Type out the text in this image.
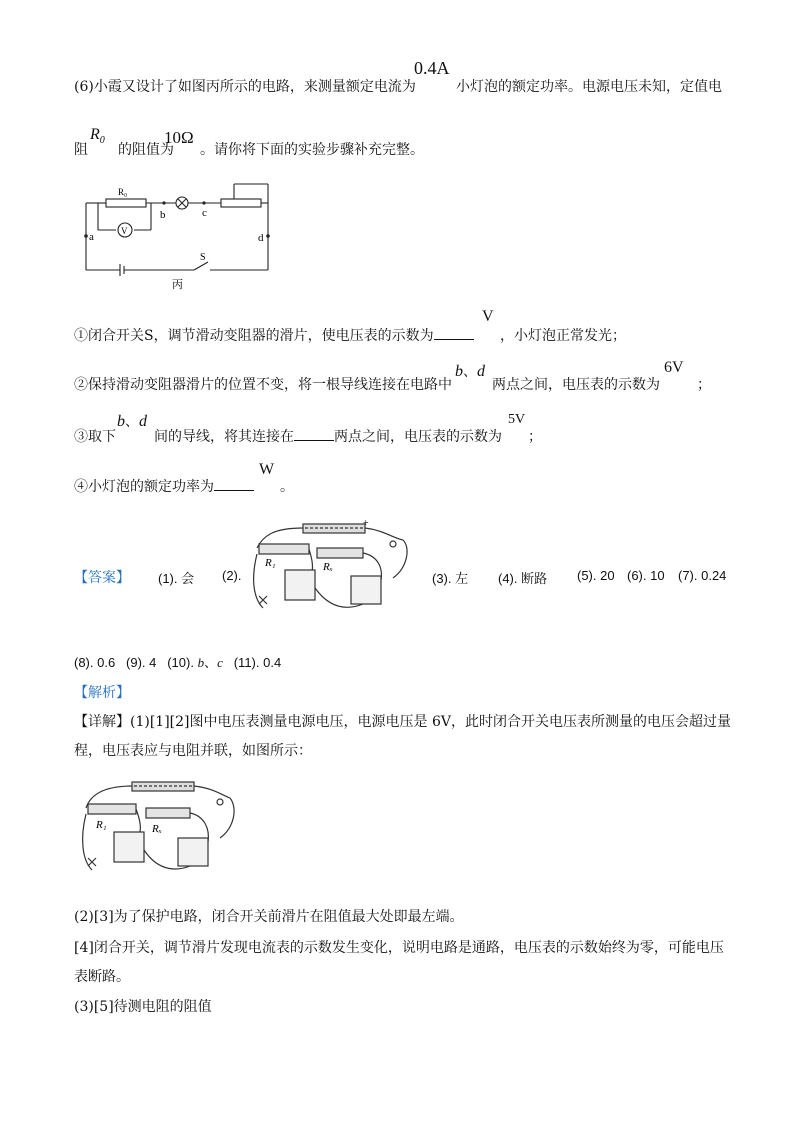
(6)小霞又设计了如图丙所示的电路，来测量额定电流为
0.4A
小灯泡的额定功率。电源电压未知，定值电
阻
$R_0$
的阻值为
10Ω
。请你将下面的实验步骤补充完整。
R₀
V
a
b	c
d
S
丙
①闭合开关S，调节滑动变阻器的滑片，使电压表的示数为
V
，小灯泡正常发光；
②保持滑动变阻器滑片的位置不变，将一根导线连接在电路中
b、d
两点之间，电压表的示数为
6V
；
③取下
b、d
间的导线，将其连接在	两点之间，电压表的示数为
5V
；
④小灯泡的额定功率为
W
。
【答案】 (1). 会 (2).
R₁	Rₓ
+
(3). 左 (4). 断路 (5). 20 (6). 10 (7). 0.24
(8). 0.6 (9). 4 (10). b、c (11). 0.4
【解析】
【详解】(1)[1][2]图中电压表测量电源电压，电源电压是 6V，此时闭合开关电压表所测量的电压会超过量
程，电压表应与电阻并联，如图所示：
R₁	Rₓ
(2)[3]为了保护电路，闭合开关前滑片在阻值最大处即最左端。
[4]闭合开关，调节滑片发现电流表的示数发生变化，说明电路是通路，电压表的示数始终为零，可能电压
表断路。
(3)[5]待测电阻的阻值
